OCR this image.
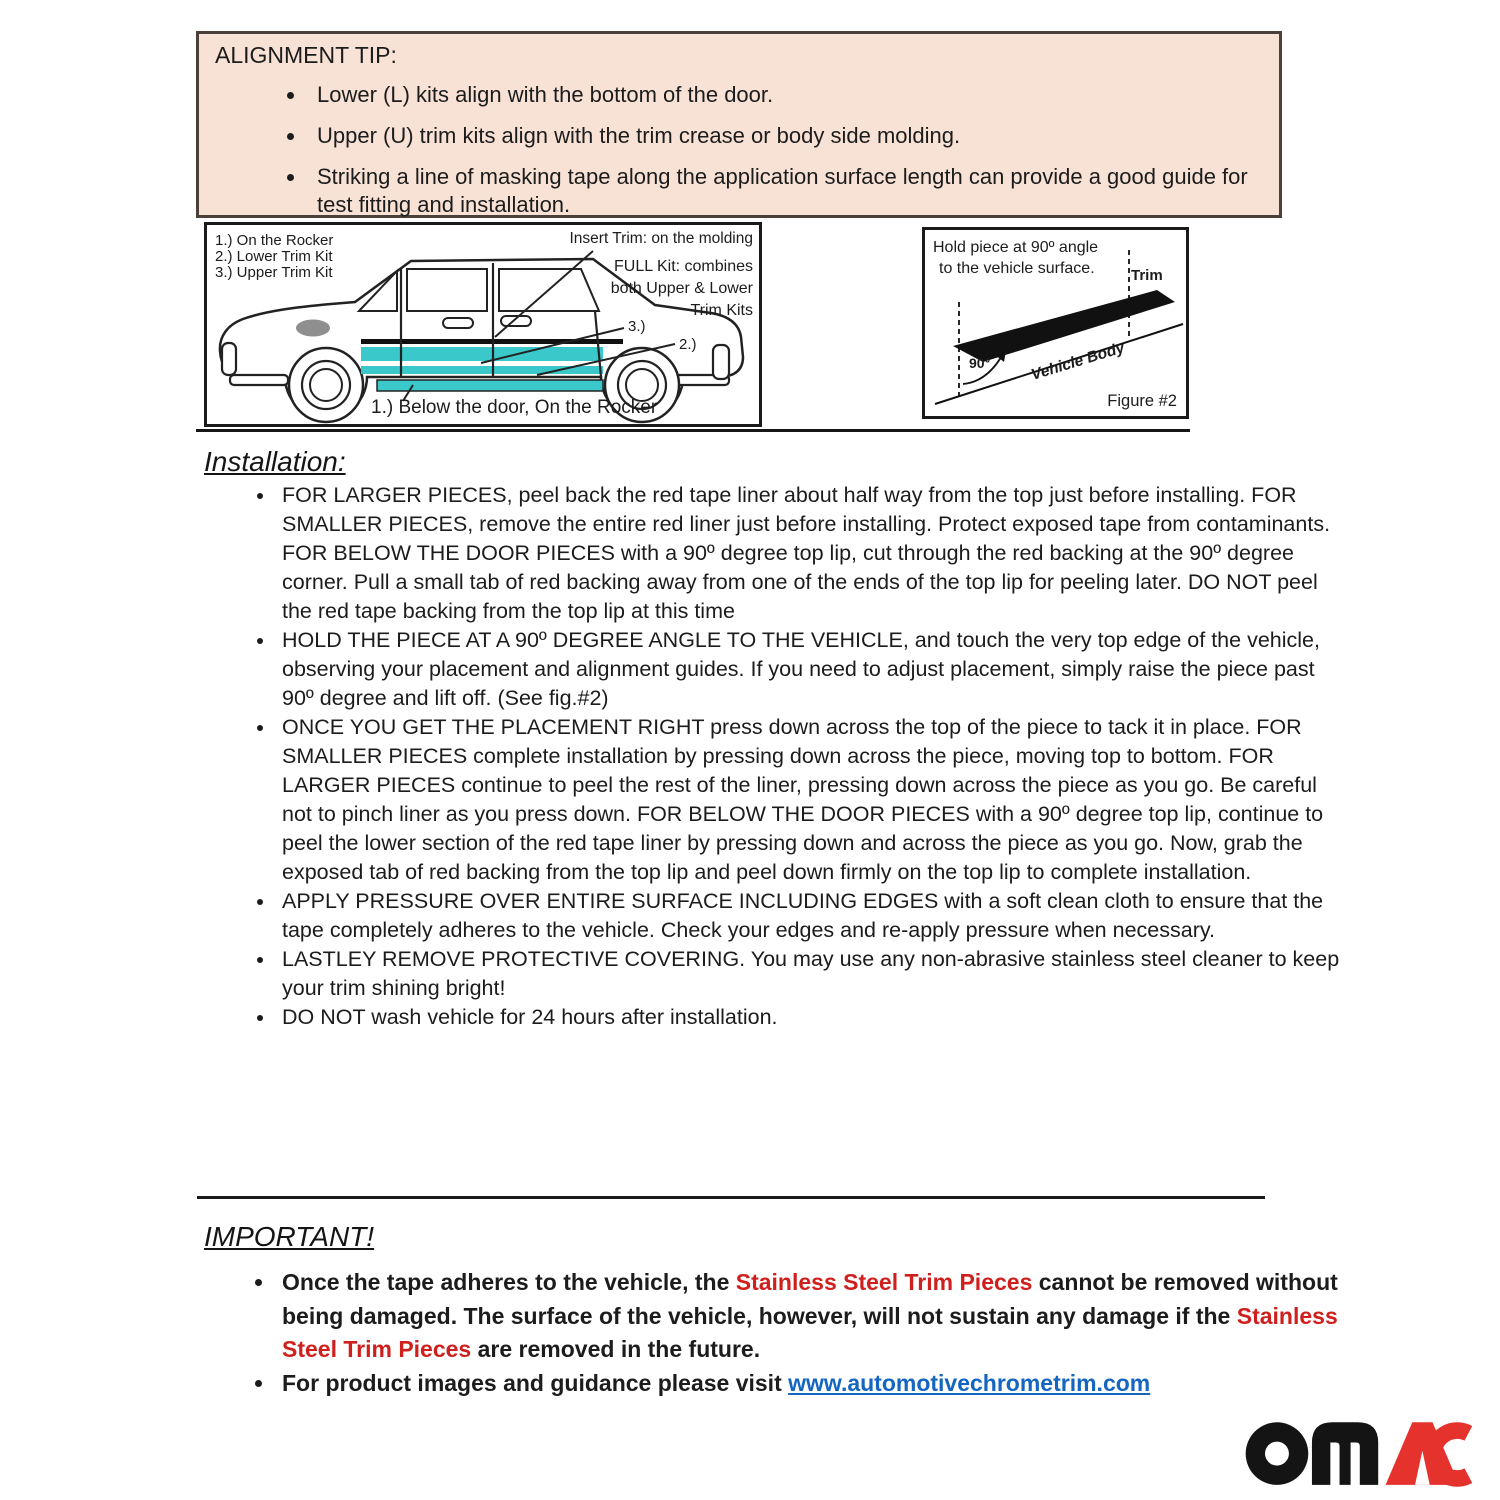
ALIGNMENT TIP:
• Lower (L) kits align with the bottom of the door.
• Upper (U) trim kits align with the trim crease or body side molding.
• Striking a line of masking tape along the application surface length can provide a good guide for test fitting and installation.
1.) On the Rocker
2.) Lower Trim Kit
3.) Upper Trim Kit
Insert Trim: on the molding
FULL Kit: combines
both Upper & Lower
Trim Kits
3.)
2.)
1.) Below the door, On the Rocker
Hold piece at 90º angle
to the vehicle surface. Trim
90°	Vehicle Body
Figure #2
Installation:
• FOR LARGER PIECES, peel back the red tape liner about half way from the top just before installing. FOR SMALLER PIECES, remove the entire red liner just before installing. Protect exposed tape from contaminants. FOR BELOW THE DOOR PIECES with a 90º degree top lip, cut through the red backing at the 90º degree corner. Pull a small tab of red backing away from one of the ends of the top lip for peeling later. DO NOT peel the red tape backing from the top lip at this time
• HOLD THE PIECE AT A 90º DEGREE ANGLE TO THE VEHICLE, and touch the very top edge of the vehicle, observing your placement and alignment guides. If you need to adjust placement, simply raise the piece past 90º degree and lift off. (See fig.#2)
• ONCE YOU GET THE PLACEMENT RIGHT press down across the top of the piece to tack it in place. FOR SMALLER PIECES complete installation by pressing down across the piece, moving top to bottom. FOR LARGER PIECES continue to peel the rest of the liner, pressing down across the piece as you go. Be careful not to pinch liner as you press down. FOR BELOW THE DOOR PIECES with a 90º degree top lip, continue to peel the lower section of the red tape liner by pressing down and across the piece as you go. Now, grab the exposed tab of red backing from the top lip and peel down firmly on the top lip to complete installation.
• APPLY PRESSURE OVER ENTIRE SURFACE INCLUDING EDGES with a soft clean cloth to ensure that the tape completely adheres to the vehicle. Check your edges and re-apply pressure when necessary.
• LASTLEY REMOVE PROTECTIVE COVERING. You may use any non-abrasive stainless steel cleaner to keep your trim shining bright!
• DO NOT wash vehicle for 24 hours after installation.
IMPORTANT!
• Once the tape adheres to the vehicle, the Stainless Steel Trim Pieces cannot be removed without being damaged. The surface of the vehicle, however, will not sustain any damage if the Stainless Steel Trim Pieces are removed in the future.
• For product images and guidance please visit www.automotivechrometrim.com
